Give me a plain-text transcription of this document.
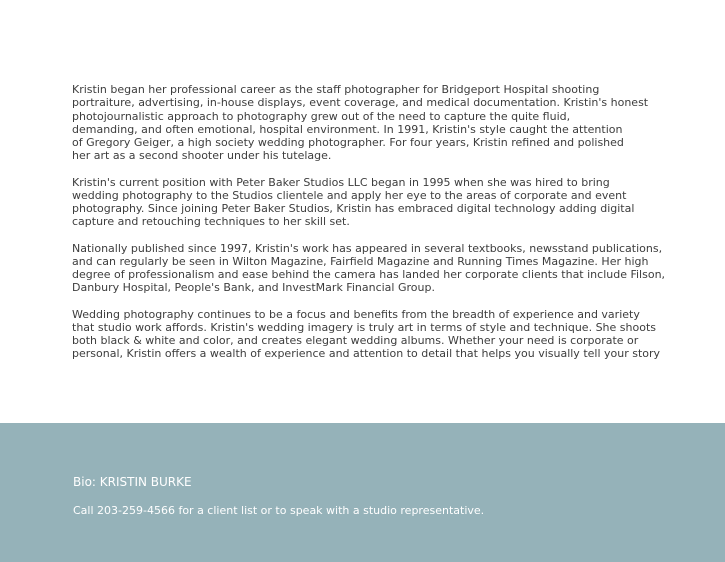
Kristin began her professional career as the staff photographer for Bridgeport Hospital shooting
portraiture, advertising, in-house displays, event coverage, and medical documentation. Kristin's honest
photojournalistic approach to photography grew out of the need to capture the quite fluid,
demanding, and often emotional, hospital environment. In 1991, Kristin's style caught the attention
of Gregory Geiger, a high society wedding photographer. For four years, Kristin refined and polished
her art as a second shooter under his tutelage.
Kristin's current position with Peter Baker Studios LLC began in 1995 when she was hired to bring
wedding photography to the Studios clientele and apply her eye to the areas of corporate and event
photography. Since joining Peter Baker Studios, Kristin has embraced digital technology adding digital
capture and retouching techniques to her skill set.
Nationally published since 1997, Kristin's work has appeared in several textbooks, newsstand publications,
and can regularly be seen in Wilton Magazine, Fairfield Magazine and Running Times Magazine. Her high
degree of professionalism and ease behind the camera has landed her corporate clients that include Filson,
Danbury Hospital, People's Bank, and InvestMark Financial Group.
Wedding photography continues to be a focus and benefits from the breadth of experience and variety
that studio work affords. Kristin's wedding imagery is truly art in terms of style and technique. She shoots
both black & white and color, and creates elegant wedding albums. Whether your need is corporate or
personal, Kristin offers a wealth of experience and attention to detail that helps you visually tell your story
Bio: KRISTIN BURKE
Call 203-259-4566 for a client list or to speak with a studio representative.
